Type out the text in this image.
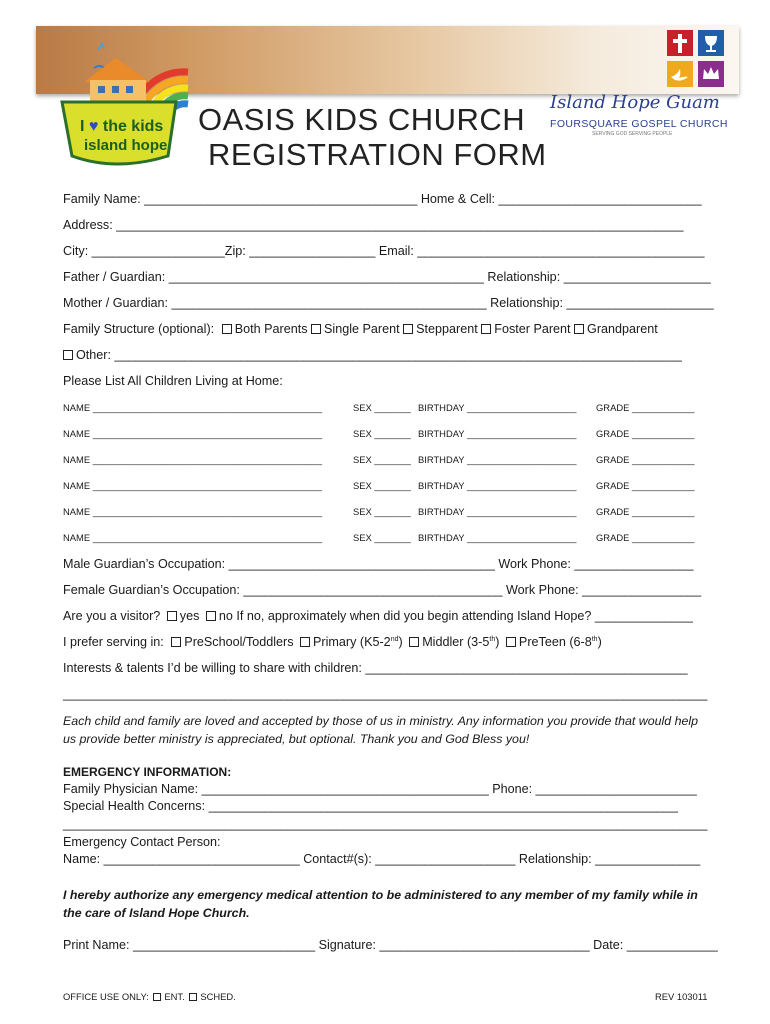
I ♥ the kids
island hope
OASIS KIDS CHURCH
REGISTRATION FORM
Island Hope Guam
FOURSQUARE GOSPEL CHURCH
SERVING GOD SERVING PEOPLE
Family Name: _______________________________________ Home & Cell: _____________________________
Address: _________________________________________________________________________________
City: ___________________Zip: __________________ Email: _________________________________________
Father / Guardian: _____________________________________________ Relationship: _____________________
Mother / Guardian: _____________________________________________ Relationship: _____________________
Family Structure (optional): Both Parents Single Parent Stepparent Foster Parent Grandparent
Other: _________________________________________________________________________________
Please List All Children Living at Home:
NAME ____________________________________________	SEX _______ BIRTHDAY _____________________ GRADE ____________
NAME ____________________________________________	SEX _______ BIRTHDAY _____________________ GRADE ____________
NAME ____________________________________________	SEX _______ BIRTHDAY _____________________ GRADE ____________
NAME ____________________________________________	SEX _______ BIRTHDAY _____________________ GRADE ____________
NAME ____________________________________________	SEX _______ BIRTHDAY _____________________ GRADE ____________
NAME ____________________________________________	SEX _______ BIRTHDAY _____________________ GRADE ____________
Male Guardian’s Occupation: ______________________________________ Work Phone: _________________
Female Guardian’s Occupation: _____________________________________ Work Phone: _________________
Are you a visitor? yes no If no, approximately when did you begin attending Island Hope? ______________
I prefer serving in: PreSchool/Toddlers Primary (K5-2nd) Middler (3-5th) PreTeen (6-8th)
Interests & talents I’d be willing to share with children: ______________________________________________
____________________________________________________________________________________________
Each child and family are loved and accepted by those of us in ministry. Any information you provide that would help us provide better ministry is appreciated, but optional. Thank you and God Bless you!
EMERGENCY INFORMATION:
Family Physician Name: _________________________________________ Phone: _______________________
Special Health Concerns: ___________________________________________________________________
____________________________________________________________________________________________
Emergency Contact Person:
Name: ____________________________ Contact#(s): ____________________ Relationship: _______________
I hereby authorize any emergency medical attention to be administered to any member of my family while in the care of Island Hope Church.
Print Name: __________________________ Signature: ______________________________ Date: _____________
OFFICE USE ONLY: ENT. SCHED.	REV 103011
